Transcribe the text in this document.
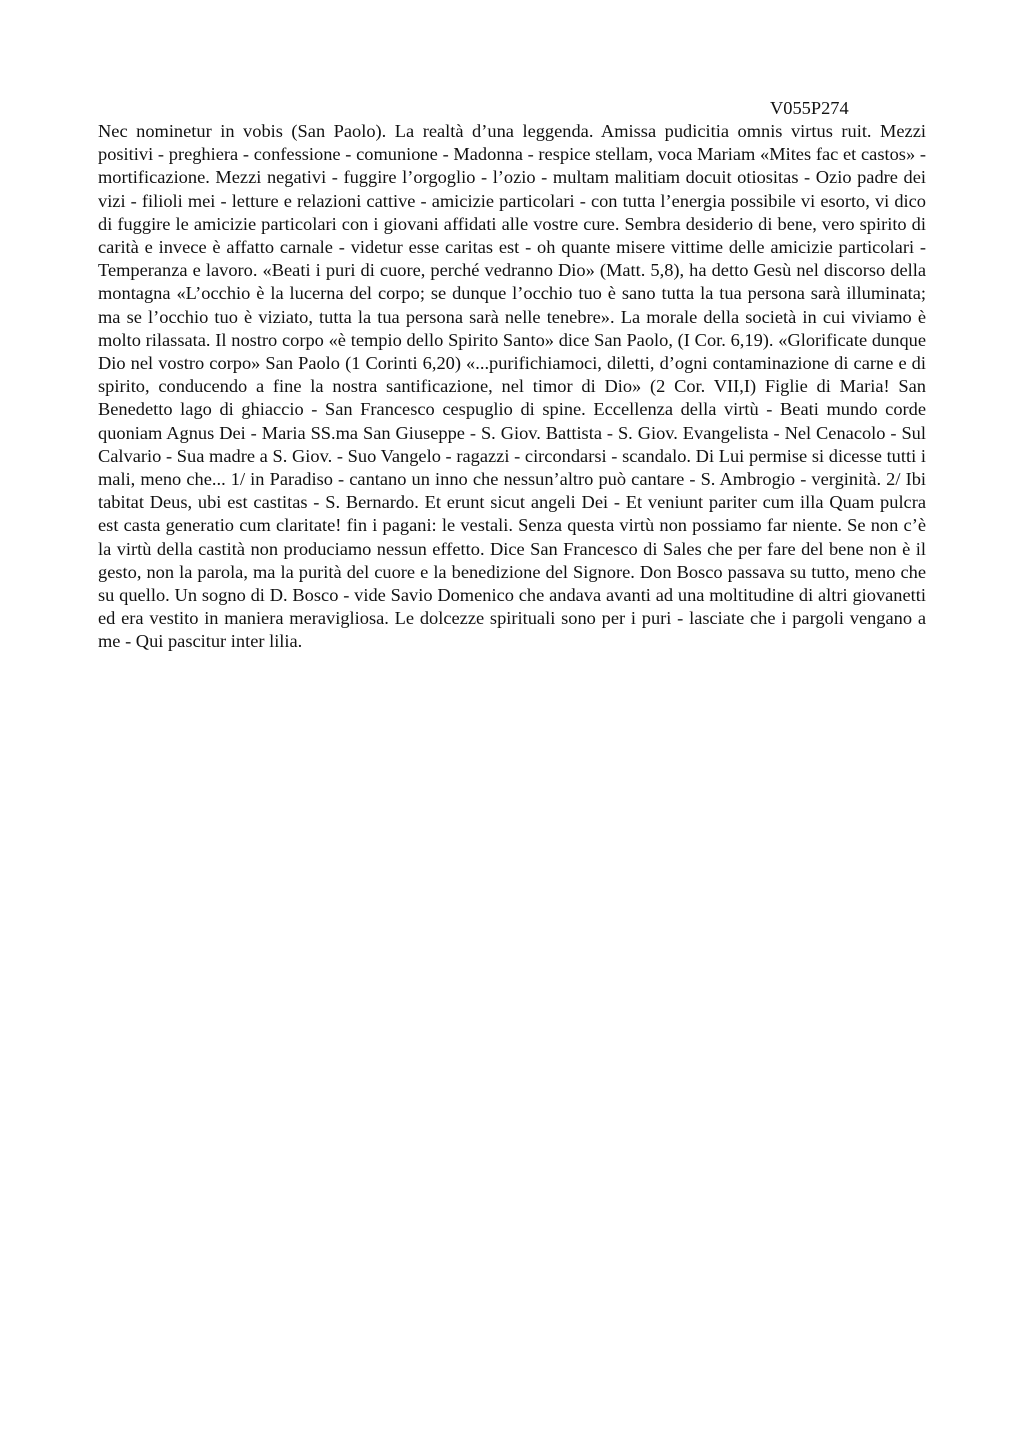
V055P274

Nec nominetur in vobis (San Paolo). La realtà d’una leggenda. Amissa pudicitia omnis virtus ruit. Mezzi positivi - preghiera - confessione - comunione - Madonna - respice stellam, voca Mariam «Mites fac et castos» - mortificazione. Mezzi negativi - fuggire l’orgoglio - l’ozio - multam malitiam docuit otiositas - Ozio padre dei vizi - filioli mei - letture e relazioni cattive - amicizie particolari - con tutta l’energia possibile vi esorto, vi dico di fuggire le amicizie particolari con i giovani affidati alle vostre cure. Sembra desiderio di bene, vero spirito di carità e invece è affatto carnale - videtur esse caritas est - oh quante misere vittime delle amicizie particolari - Temperanza e lavoro. «Beati i puri di cuore, perché vedranno Dio» (Matt. 5,8), ha detto Gesù nel discorso della montagna «L’occhio è la lucerna del corpo; se dunque l’occhio tuo è sano tutta la tua persona sarà illuminata; ma se l’occhio tuo è viziato, tutta la tua persona sarà nelle tenebre». La morale della società in cui viviamo è molto rilassata. Il nostro corpo «è tempio dello Spirito Santo» dice San Paolo, (I Cor. 6,19). «Glorificate dunque Dio nel vostro corpo» San Paolo (1 Corinti 6,20) «...purifichiamoci, diletti, d’ogni contaminazione di carne e di spirito, conducendo a fine la nostra santificazione, nel timor di Dio» (2 Cor. VII,I) Figlie di Maria! San Benedetto lago di ghiaccio - San Francesco cespuglio di spine. Eccellenza della virtù - Beati mundo corde quoniam Agnus Dei - Maria SS.ma San Giuseppe - S. Giov. Battista - S. Giov. Evangelista - Nel Cenacolo - Sul Calvario - Sua madre a S. Giov. - Suo Vangelo - ragazzi - circondarsi - scandalo. Di Lui permise si dicesse tutti i mali, meno che... 1/ in Paradiso - cantano un inno che nessun’altro può cantare - S. Ambrogio - verginità. 2/ Ibi tabitat Deus, ubi est castitas - S. Bernardo. Et erunt sicut angeli Dei - Et veniunt pariter cum illa Quam pulcra est casta generatio cum claritate! fin i pagani: le vestali. Senza questa virtù non possiamo far niente. Se non c’è la virtù della castità non produciamo nessun effetto. Dice San Francesco di Sales che per fare del bene non è il gesto, non la parola, ma la purità del cuore e la benedizione del Signore. Don Bosco passava su tutto, meno che su quello. Un sogno di D. Bosco - vide Savio Domenico che andava avanti ad una moltitudine di altri giovanetti ed era vestito in maniera meravigliosa. Le dolcezze spirituali sono per i puri - lasciate che i pargoli vengano a me - Qui pascitur inter lilia.
